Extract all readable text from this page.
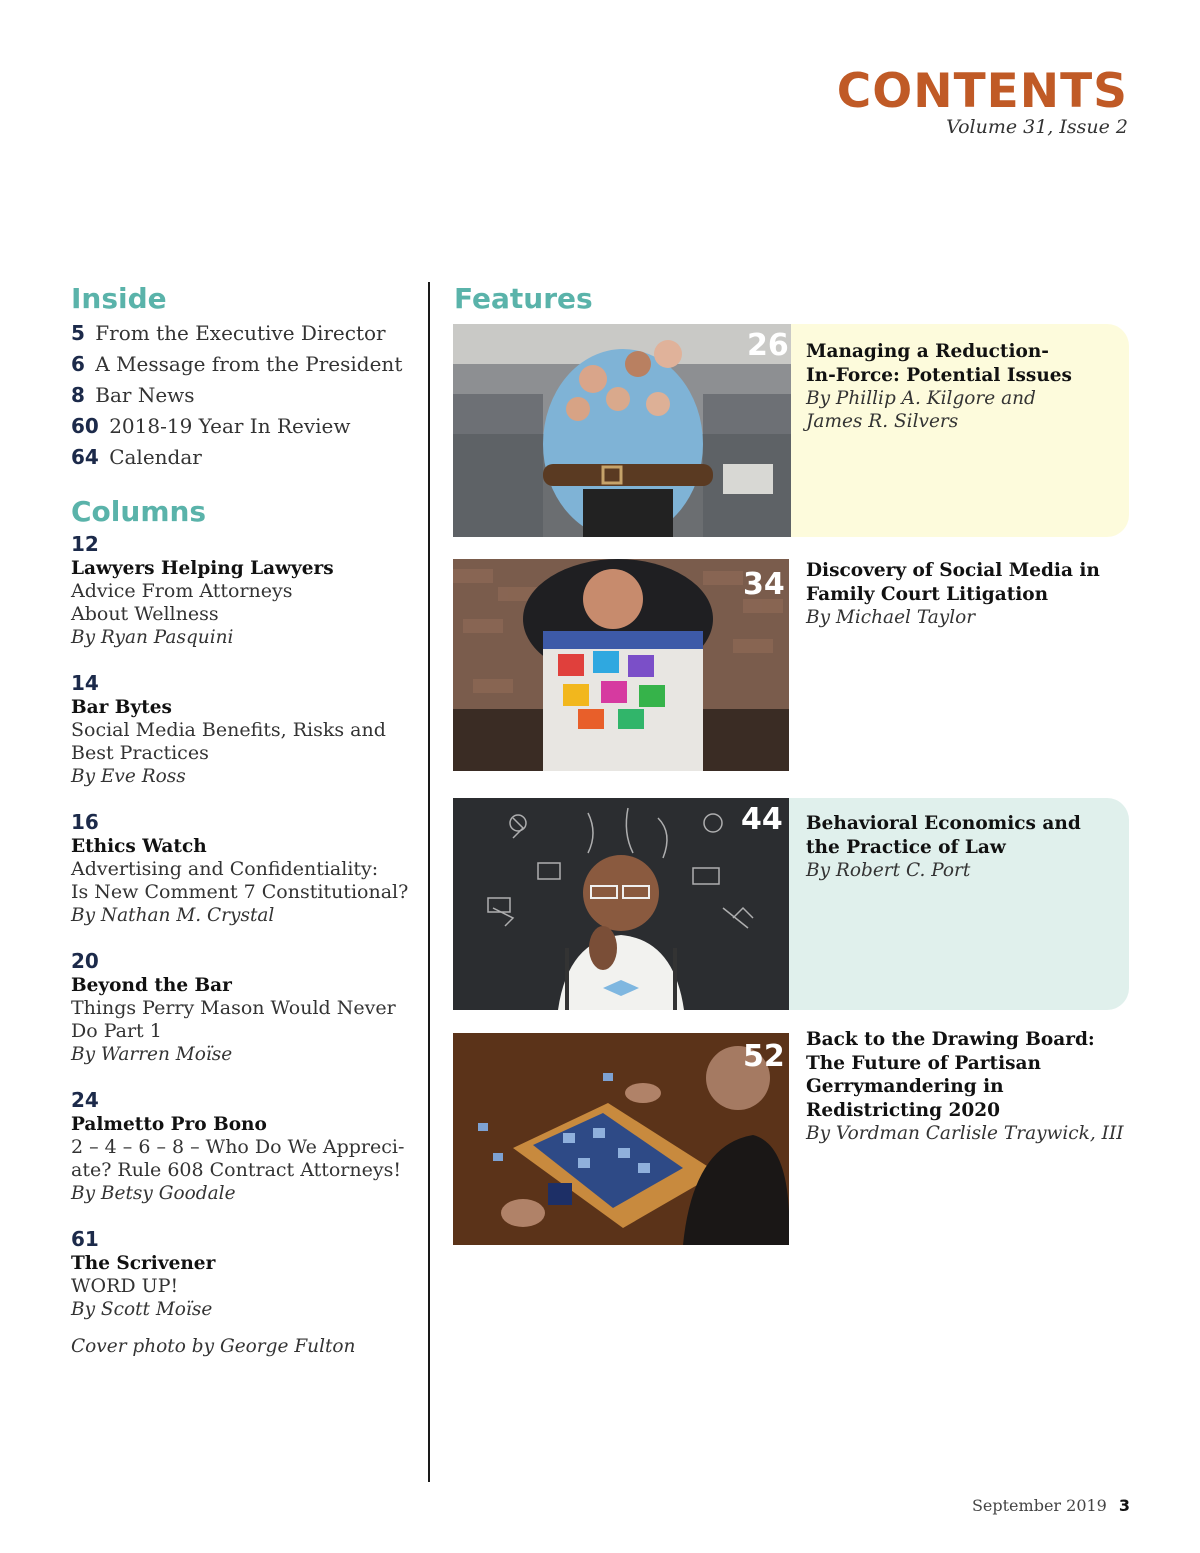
CONTENTS
Volume 31, Issue 2
Inside
5 From the Executive Director
6 A Message from the President
8 Bar News
60 2018-19 Year In Review
64 Calendar
Columns
12
Lawyers Helping Lawyers
Advice From Attorneys
About Wellness
By Ryan Pasquini
14
Bar Bytes
Social Media Benefits, Risks and
Best Practices
By Eve Ross
16
Ethics Watch
Advertising and Confidentiality:
Is New Comment 7 Constitutional?
By Nathan M. Crystal
20
Beyond the Bar
Things Perry Mason Would Never
Do Part 1
By Warren Moïse
24
Palmetto Pro Bono
2 – 4 – 6 – 8 – Who Do We Appreci-
ate? Rule 608 Contract Attorneys!
By Betsy Goodale
61
The Scrivener
WORD UP!
By Scott Moïse
Cover photo by George Fulton
Features
26 Managing a Reduction-
In-Force: Potential Issues
By Phillip A. Kilgore and
James R. Silvers
34 Discovery of Social Media in
Family Court Litigation
By Michael Taylor
44 Behavioral Economics and
the Practice of Law
By Robert C. Port
52 Back to the Drawing Board:
The Future of Partisan
Gerrymandering in
Redistricting 2020
By Vordman Carlisle Traywick, III
September 2019 3
